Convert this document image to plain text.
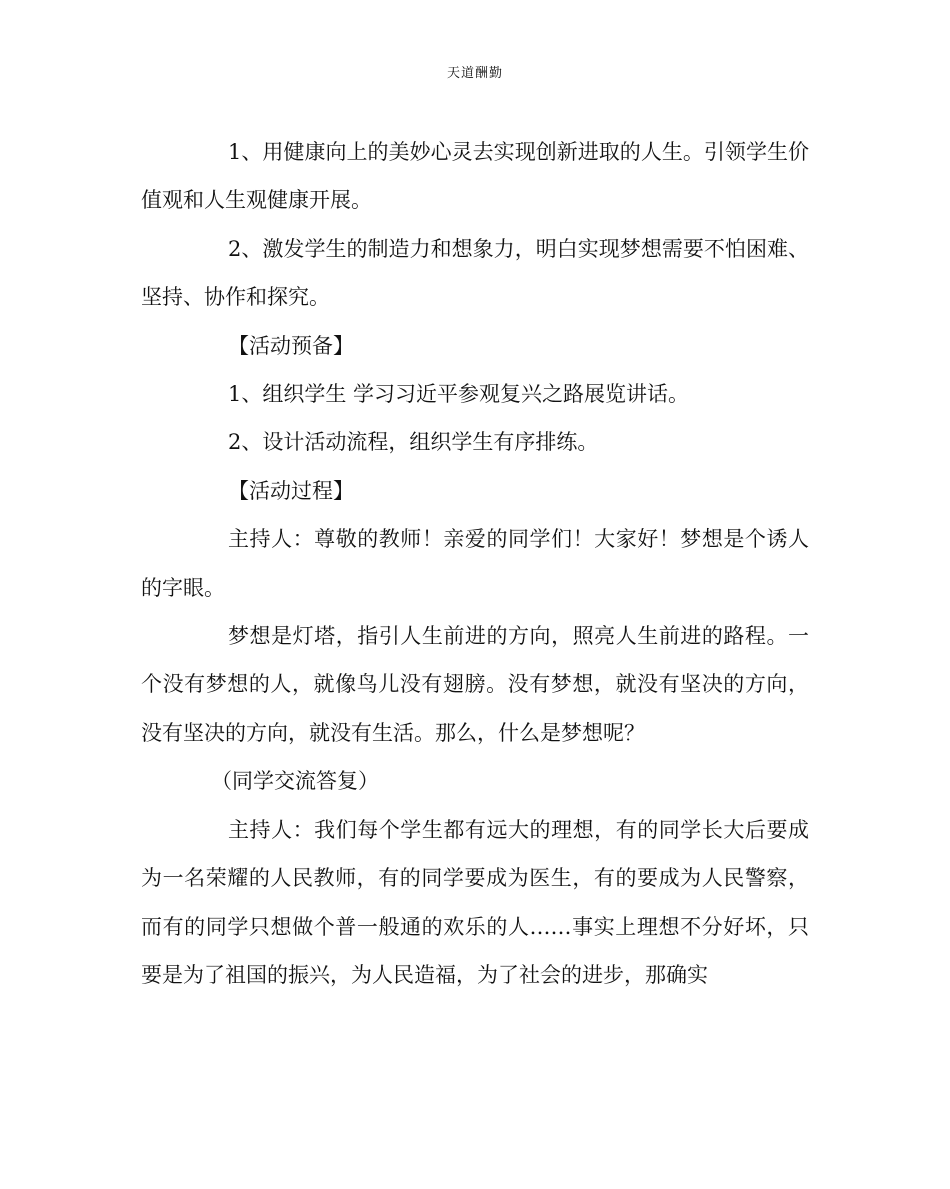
天道酬勤

1、用健康向上的美妙心灵去实现创新进取的人生。引领学生价值观和人生观健康开展。

2、激发学生的制造力和想象力，明白实现梦想需要不怕困难、坚持、协作和探究。

【活动预备】

1、组织学生 学习习近平参观复兴之路展览讲话。

2、设计活动流程，组织学生有序排练。

【活动过程】

主持人：尊敬的教师！亲爱的同学们！大家好！梦想是个诱人的字眼。

梦想是灯塔，指引人生前进的方向，照亮人生前进的路程。一个没有梦想的人，就像鸟儿没有翅膀。没有梦想，就没有坚决的方向，没有坚决的方向，就没有生活。那么，什么是梦想呢？

（同学交流答复）

主持人：我们每个学生都有远大的理想，有的同学长大后要成为一名荣耀的人民教师，有的同学要成为医生，有的要成为人民警察，而有的同学只想做个普一般通的欢乐的人……事实上理想不分好坏，只要是为了祖国的振兴，为人民造福，为了社会的进步，那确实
